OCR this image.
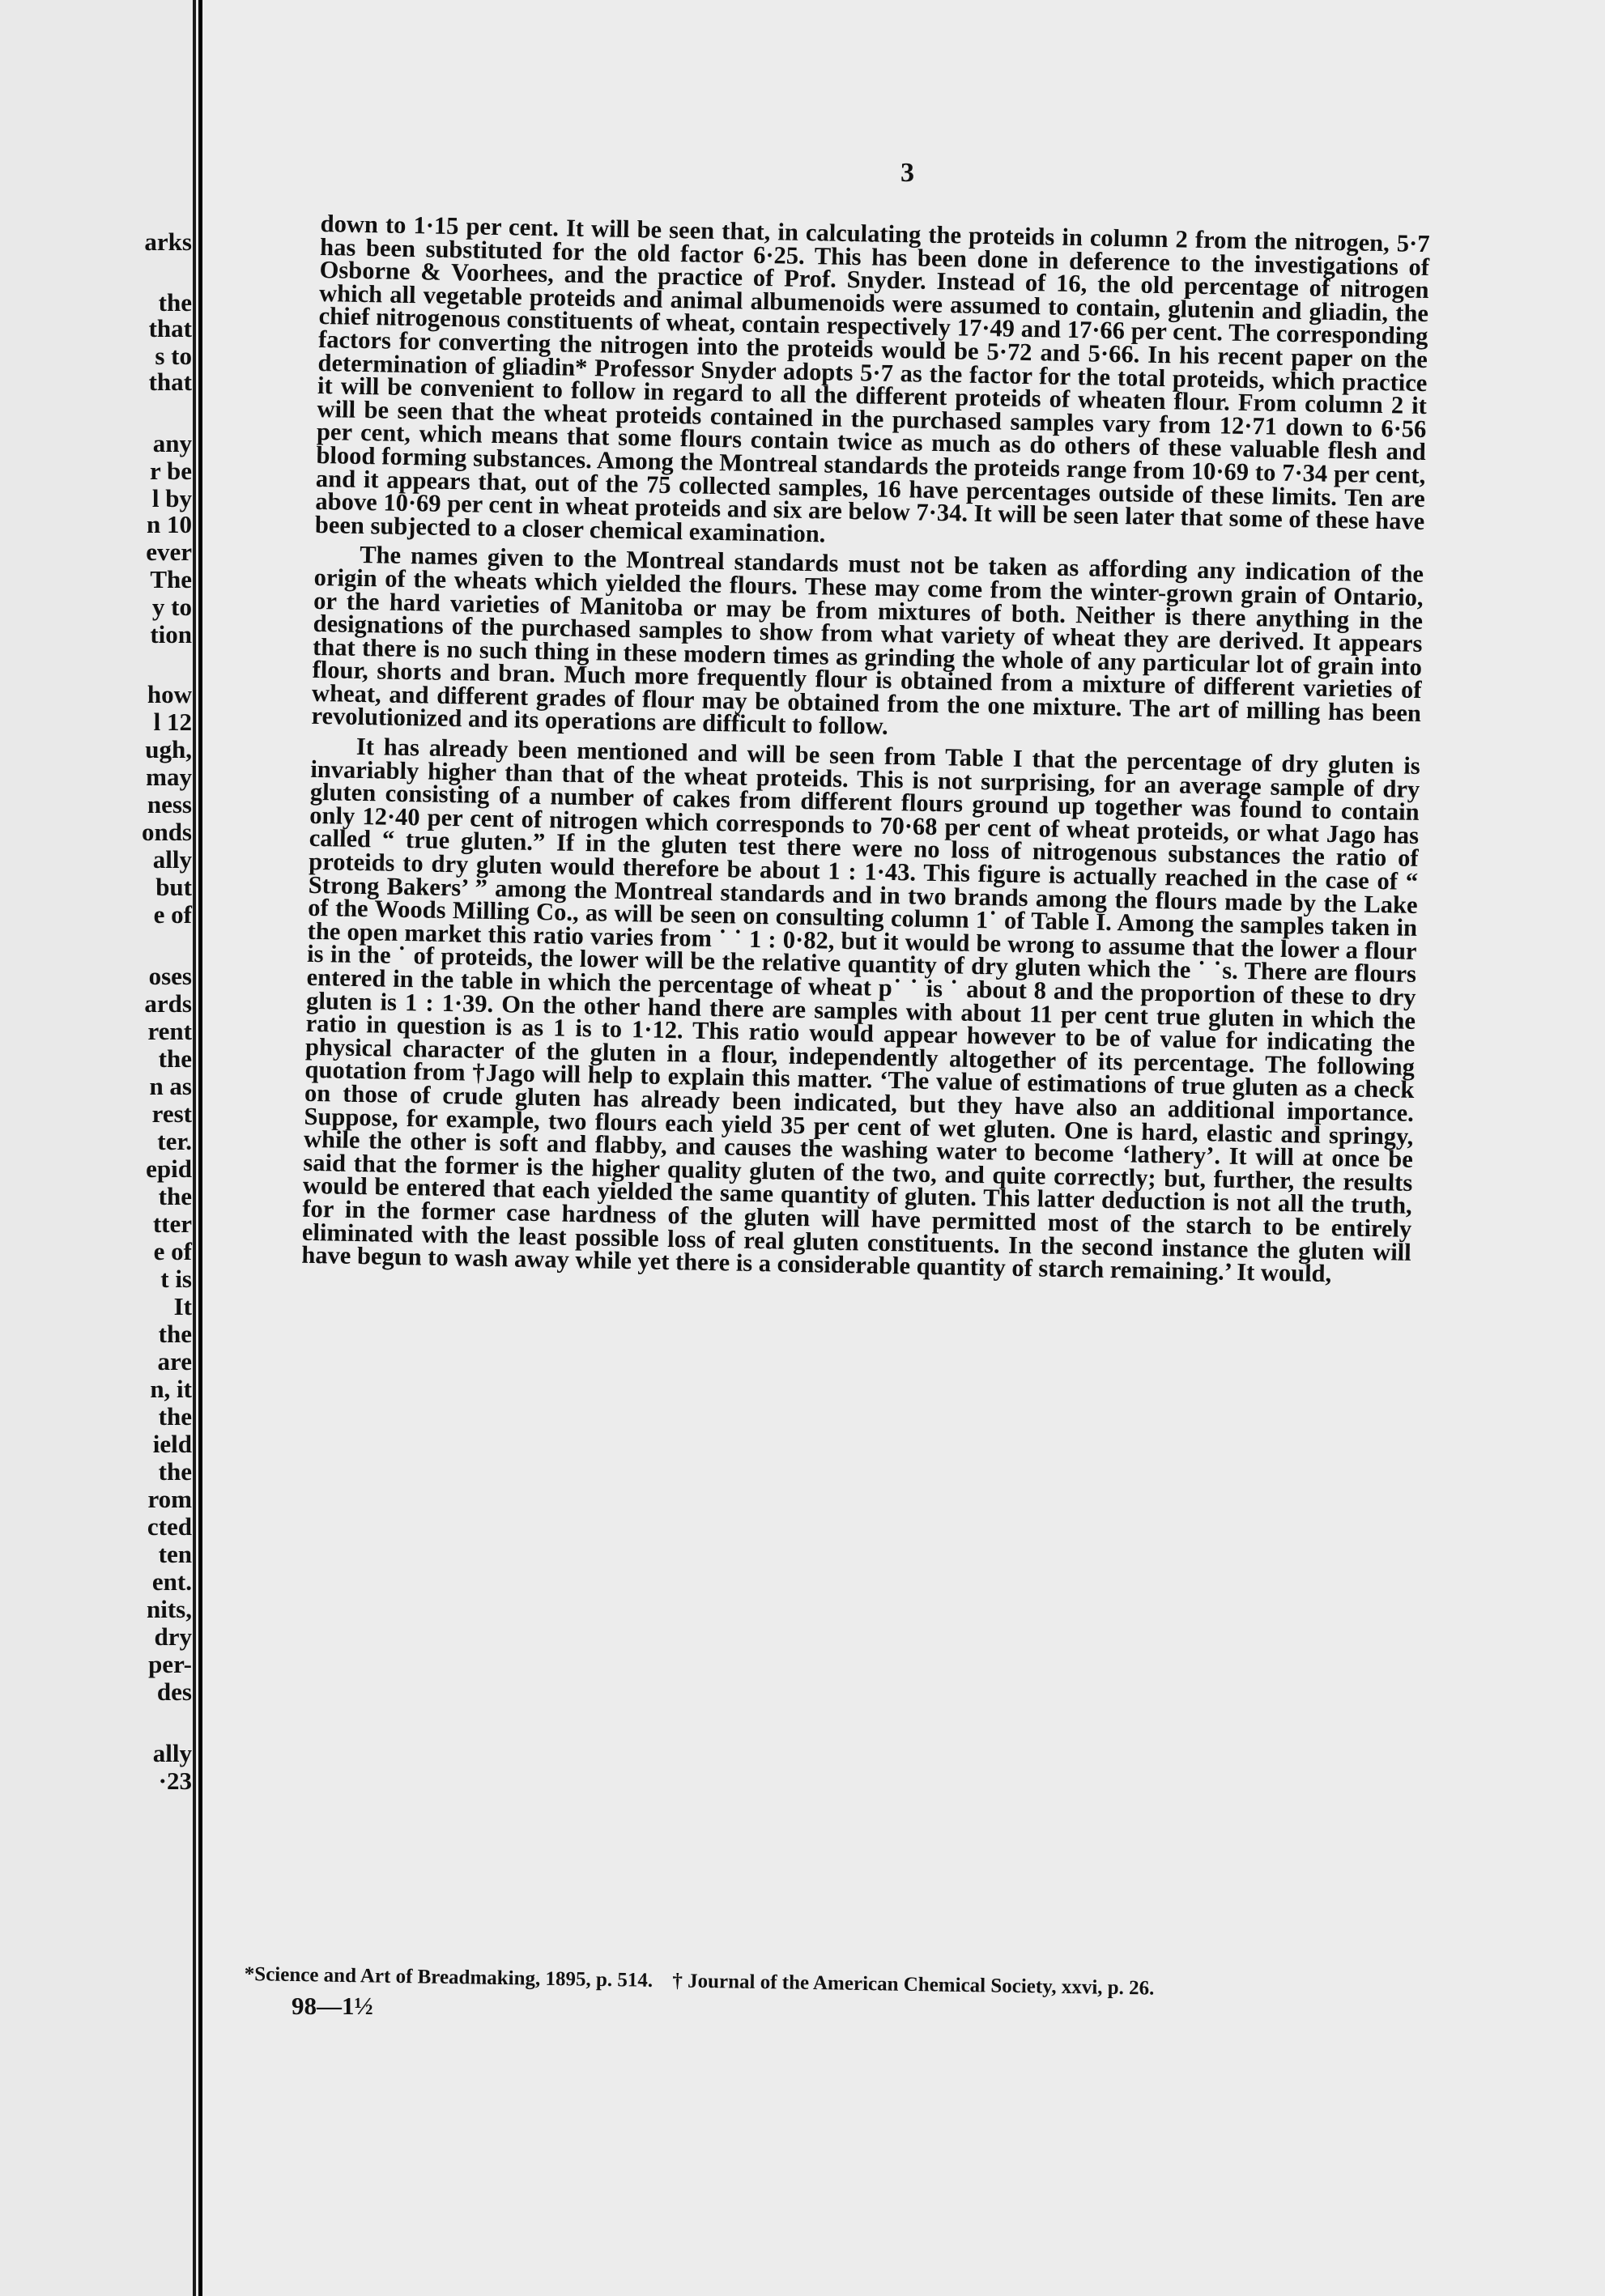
arks

the

that

s to

that

any

r be

l by

n 10

ever

The

y to

tion

how

l 12

ugh,

may

ness

onds

ally

but

e of

oses

ards

rent

the

n as

rest

ter.

epid

the

tter

e of

t is

It

the

are

n, it

the

ield

the

rom

cted

ten

ent.

nits,

dry

per-

des

ally

·23

3

down to 1·15 per cent. It will be seen that, in calculating the proteids in column 2 from the nitrogen, 5·7 has been substituted for the old factor 6·25. This has been done in deference to the investigations of Osborne & Voorhees, and the practice of Prof. Snyder. Instead of 16, the old percentage of nitrogen which all vegetable proteids and animal albumenoids were assumed to contain, glutenin and gliadin, the chief nitrogenous constituents of wheat, contain respectively 17·49 and 17·66 per cent. The corresponding factors for converting the nitrogen into the proteids would be 5·72 and 5·66. In his recent paper on the determination of gliadin* Professor Snyder adopts 5·7 as the factor for the total proteids, which practice it will be convenient to follow in regard to all the different proteids of wheaten flour. From column 2 it will be seen that the wheat proteids contained in the purchased samples vary from 12·71 down to 6·56 per cent, which means that some flours contain twice as much as do others of these valuable flesh and blood forming substances. Among the Montreal standards the proteids range from 10·69 to 7·34 per cent, and it appears that, out of the 75 collected samples, 16 have percentages outside of these limits. Ten are above 10·69 per cent in wheat proteids and six are below 7·34. It will be seen later that some of these have been subjected to a closer chemical examination.

The names given to the Montreal standards must not be taken as affording any indication of the origin of the wheats which yielded the flours. These may come from the winter-grown grain of Ontario, or the hard varieties of Manitoba or may be from mixtures of both. Neither is there anything in the designations of the purchased samples to show from what variety of wheat they are derived. It appears that there is no such thing in these modern times as grinding the whole of any particular lot of grain into flour, shorts and bran. Much more frequently flour is obtained from a mixture of different varieties of wheat, and different grades of flour may be obtained from the one mixture. The art of milling has been revolutionized and its operations are difficult to follow.

It has already been mentioned and will be seen from Table I that the percentage of dry gluten is invariably higher than that of the wheat proteids. This is not surprising, for an average sample of dry gluten consisting of a number of cakes from different flours ground up together was found to contain only 12·40 per cent of nitrogen which corresponds to 70·68 per cent of wheat proteids, or what Jago has called “ true gluten.” If in the gluten test there were no loss of nitrogenous substances the ratio of proteids to dry gluten would therefore be about 1 : 1·43. This figure is actually reached in the case of “ Strong Bakers’ ” among the Montreal standards and in two brands among the flours made by the Lake of the Woods Milling Co., as will be seen on consulting column 1˙ of Table I. Among the samples taken in the open market this ratio varies from ˙ ˙ 1 : 0·82, but it would be wrong to assume that the lower a flour is in the ˙ of proteids, the lower will be the relative quantity of dry gluten which the ˙ ˙s. There are flours entered in the table in which the percentage of wheat p˙ ˙ is ˙ about 8 and the proportion of these to dry gluten is 1 : 1·39. On the other hand there are samples with about 11 per cent true gluten in which the ratio in question is as 1 is to 1·12. This ratio would appear however to be of value for indicating the physical character of the gluten in a flour, independently altogether of its percentage. The following quotation from †Jago will help to explain this matter. ‘The value of estimations of true gluten as a check on those of crude gluten has already been indicated, but they have also an additional importance. Suppose, for example, two flours each yield 35 per cent of wet gluten. One is hard, elastic and springy, while the other is soft and flabby, and causes the washing water to become ‘lathery’. It will at once be said that the former is the higher quality gluten of the two, and quite correctly; but, further, the results would be entered that each yielded the same quantity of gluten. This latter deduction is not all the truth, for in the former case hardness of the gluten will have permitted most of the starch to be entirely eliminated with the least possible loss of real gluten constituents. In the second instance the gluten will have begun to wash away while yet there is a considerable quantity of starch remaining.’ It would,

*Science and Art of Breadmaking, 1895, p. 514. † Journal of the American Chemical Society, xxvi, p. 26.
98—1½
